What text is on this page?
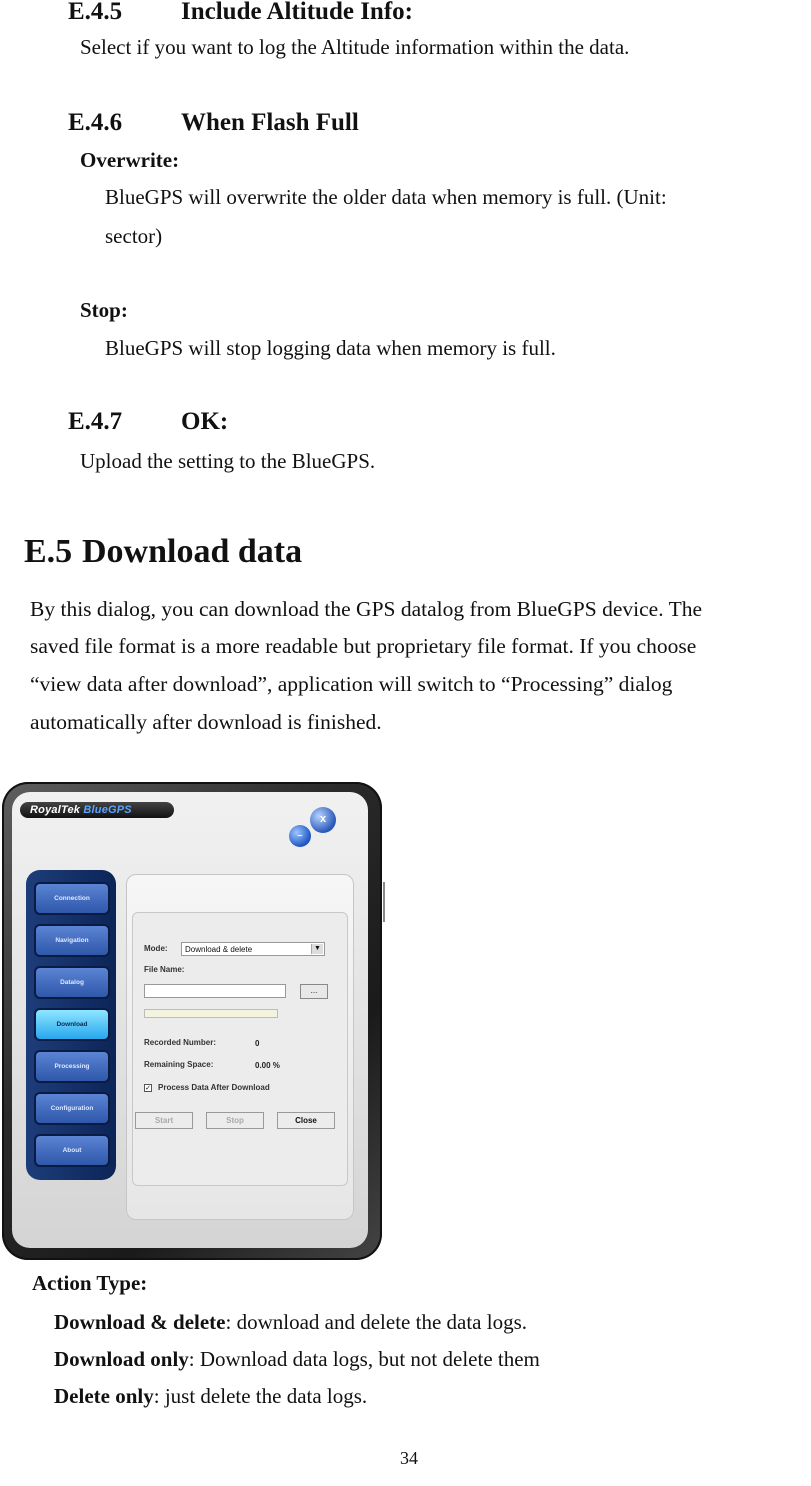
E.4.5 Include Altitude Info:
Select if you want to log the Altitude information within the data.
E.4.6 When Flash Full
Overwrite:
BlueGPS will overwrite the older data when memory is full. (Unit:
sector)
Stop:
BlueGPS will stop logging data when memory is full.
E.4.7 OK:
Upload the setting to the BlueGPS.
E.5 Download data
By this dialog, you can download the GPS datalog from BlueGPS device. The
saved file format is a more readable but proprietary file format. If you choose
“view data after download”, application will switch to “Processing” dialog
automatically after download is finished.
RoyalTek BlueGPS
–
x
Connection
Navigation
Datalog
Download
Processing
Configuration
About
Mode:	Download & delete	▼
File Name:
...
Recorded Number:	0
Remaining Space:	0.00 %
✓ Process Data After Download
Start	Stop	Close
Action Type:
Download & delete: download and delete the data logs.
Download only: Download data logs, but not delete them
Delete only: just delete the data logs.
34
